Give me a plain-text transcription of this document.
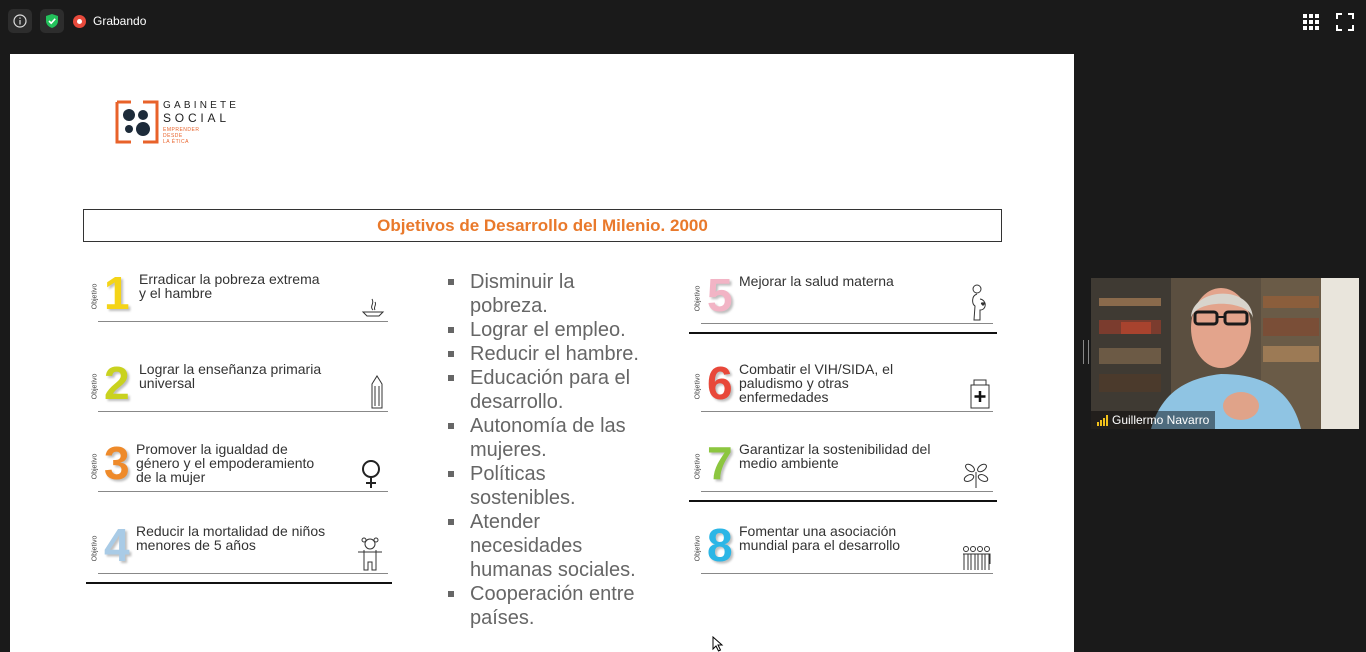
Grabando
GABINETE
SOCIAL
EMPRENDER
DESDE
LA ÉTICA
Objetivos de Desarrollo del Milenio. 2000
Objetivo 1 Erradicar la pobreza extrema
y el hambre
Objetivo 2 Lograr la enseñanza primaria
universal
Objetivo 3 Promover la igualdad de
género y el empoderamiento
de la mujer
Objetivo 4 Reducir la mortalidad de niños
menores de 5 años
Disminuir la
pobreza.
Lograr el empleo.
Reducir el hambre.
Educación para el
desarrollo.
Autonomía de las
mujeres.
Políticas
sostenibles.
Atender
necesidades
humanas sociales.
Cooperación entre
países.
Objetivo 5 Mejorar la salud materna
Objetivo 6 Combatir el VIH/SIDA, el
paludismo y otras
enfermedades
Objetivo 7 Garantizar la sostenibilidad del
medio ambiente
Objetivo 8 Fomentar una asociación
mundial para el desarrollo
Guillermo Navarro
